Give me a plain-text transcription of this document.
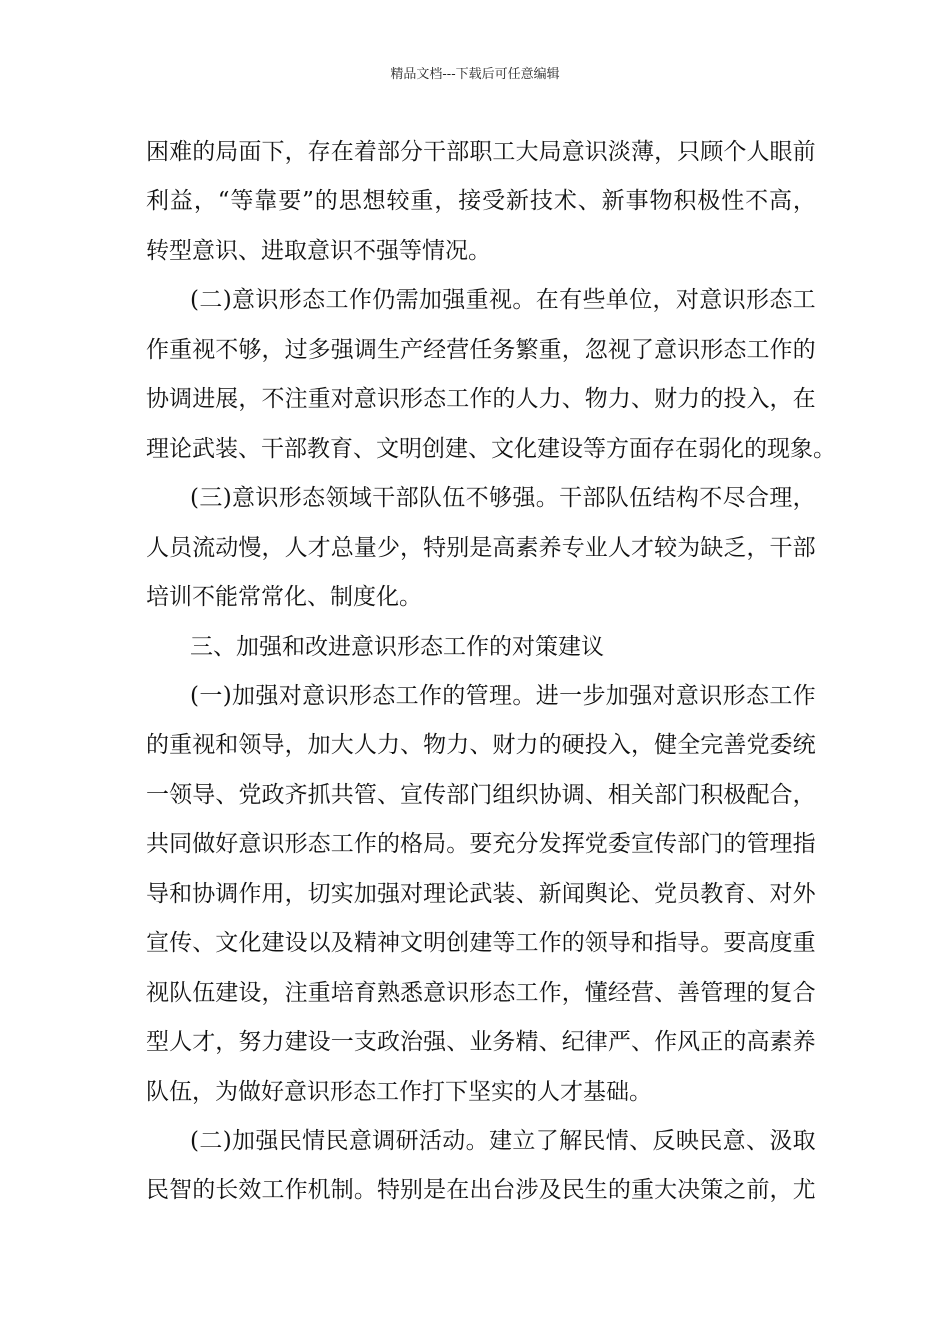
精品文档---下载后可任意编辑
困 难 的 局 面 下 ， 存 在 着 部 分 干 部 职 工 大 局 意 识 淡 薄 ， 只 顾 个 人 眼 前
利 益 ， “ 等 靠 要 ” 的 思 想 较 重 ， 接 受 新 技 术 、 新 事 物 积 极 性 不 高 ，
转型意识、进取意识不强等情况。
( 二 ) 意 识 形 态 工 作 仍 需 加 强 重 视 。 在 有 些 单 位 ， 对 意 识 形 态 工
作 重 视 不 够 ， 过 多 强 调 生 产 经 营 任 务 繁 重 ， 忽 视 了 意 识 形 态 工 作 的
协 调 进 展 ， 不 注 重 对 意 识 形 态 工 作 的 人 力 、 物 力 、 财 力 的 投 入 ， 在
理 论 武 装 、 干 部 教 育 、 文 明 创 建 、 文 化 建 设 等 方 面 存 在 弱 化 的 现 象 。
( 三 ) 意 识 形 态 领 域 干 部 队 伍 不 够 强 。 干 部 队 伍 结 构 不 尽 合 理 ，
人 员 流 动 慢 ， 人 才 总 量 少 ， 特 别 是 高 素 养 专 业 人 才 较 为 缺 乏 ， 干 部
培训不能常常化、制度化。
三、加强和改进意识形态工作的对策建议
( 一 ) 加 强 对 意 识 形 态 工 作 的 管 理 。 进 一 步 加 强 对 意 识 形 态 工 作
的 重 视 和 领 导 ， 加 大 人 力 、 物 力 、 财 力 的 硬 投 入 ， 健 全 完 善 党 委 统
一 领 导 、 党 政 齐 抓 共 管 、 宣 传 部 门 组 织 协 调 、 相 关 部 门 积 极 配 合 ，
共 同 做 好 意 识 形 态 工 作 的 格 局 。 要 充 分 发 挥 党 委 宣 传 部 门 的 管 理 指
导 和 协 调 作 用 ， 切 实 加 强 对 理 论 武 装 、 新 闻 舆 论 、 党 员 教 育 、 对 外
宣 传 、 文 化 建 设 以 及 精 神 文 明 创 建 等 工 作 的 领 导 和 指 导 。 要 高 度 重
视 队 伍 建 设 ， 注 重 培 育 熟 悉 意 识 形 态 工 作 ， 懂 经 营 、 善 管 理 的 复 合
型 人 才 ， 努 力 建 设 一 支 政 治 强 、 业 务 精 、 纪 律 严 、 作 风 正 的 高 素 养
队伍，为做好意识形态工作打下坚实的人才基础。
( 二 ) 加 强 民 情 民 意 调 研 活 动 。 建 立 了 解 民 情 、 反 映 民 意 、 汲 取
民 智 的 长 效 工 作 机 制 。 特 别 是 在 出 台 涉 及 民 生 的 重 大 决 策 之 前 ， 尤
